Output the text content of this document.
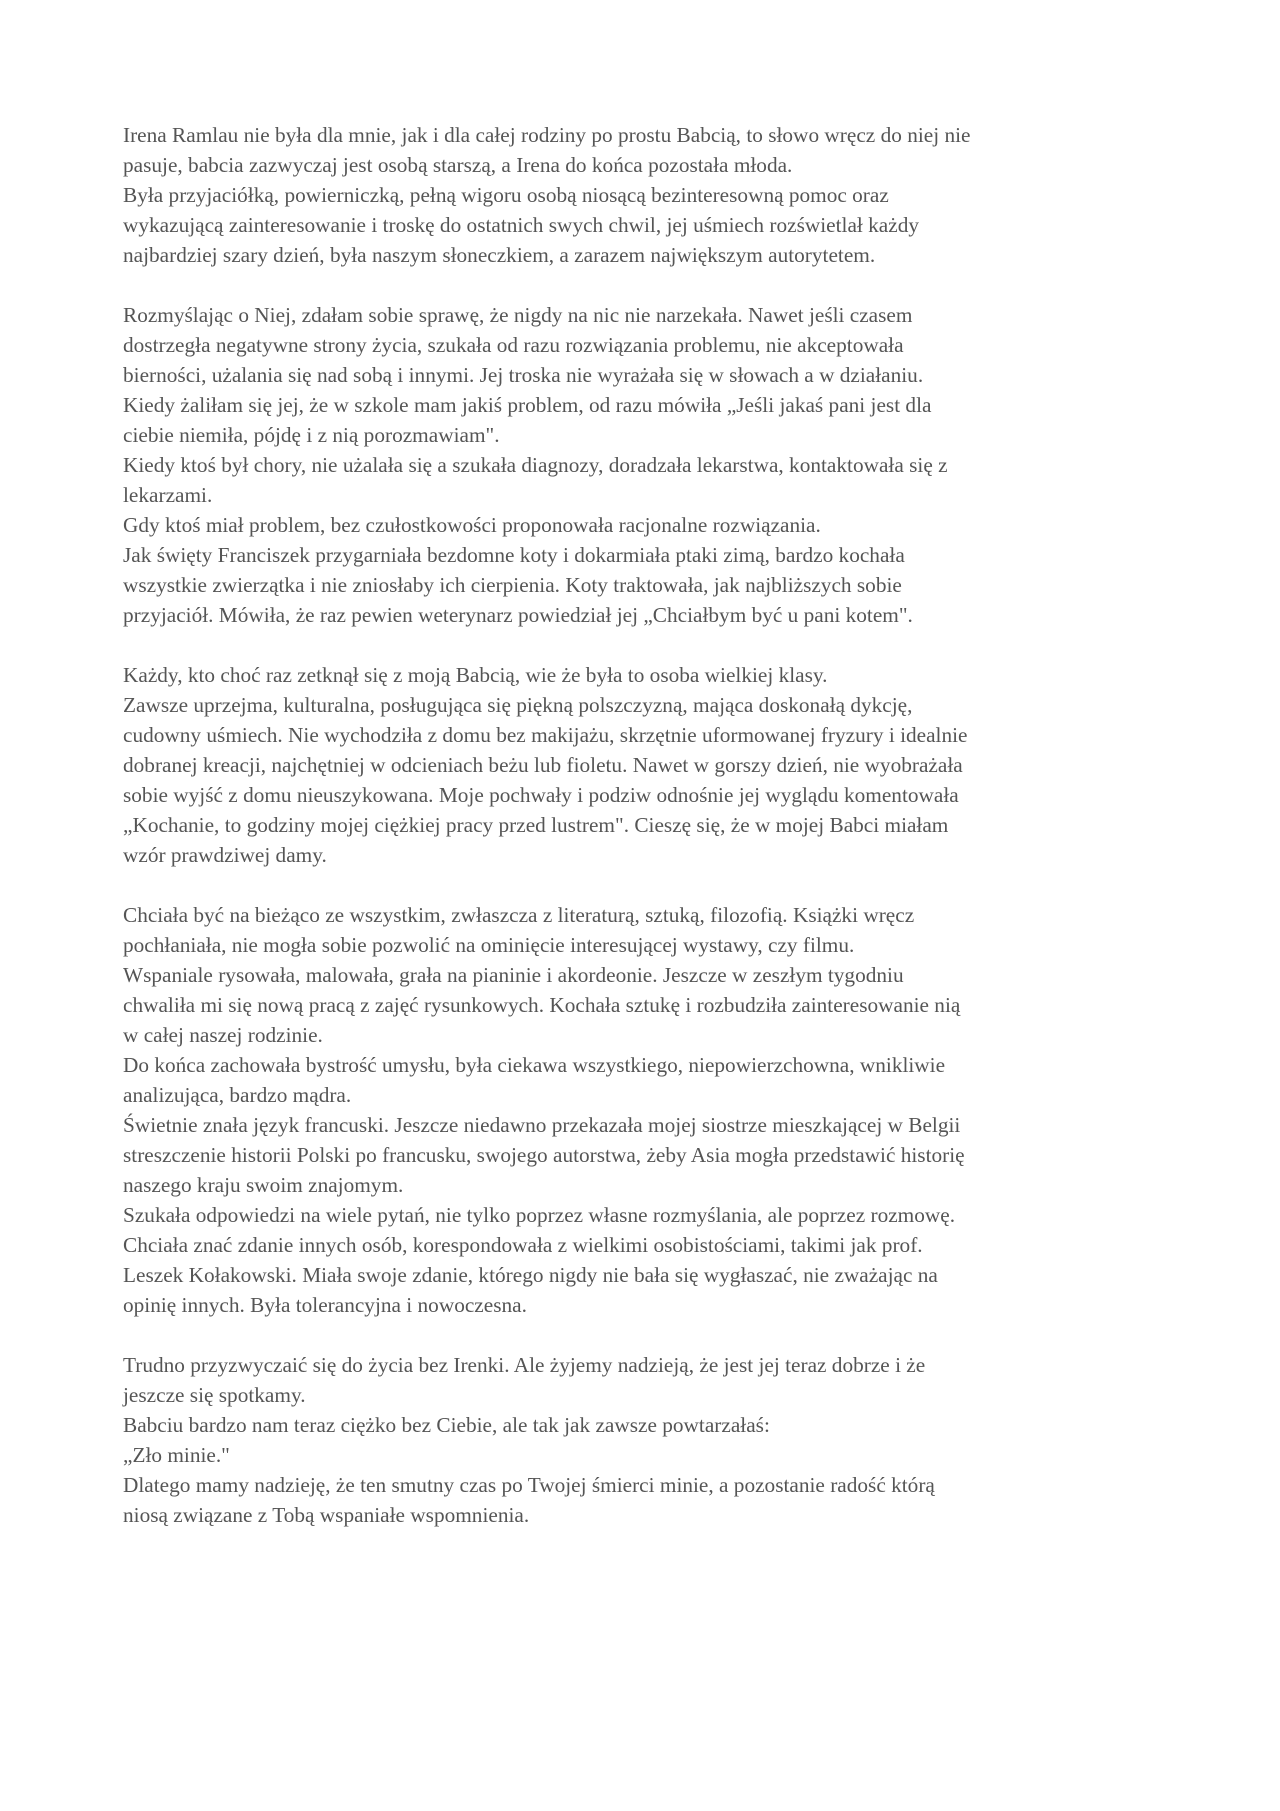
Irena Ramlau nie była dla mnie, jak i dla całej rodziny po prostu Babcią, to słowo wręcz do niej nie
pasuje, babcia zazwyczaj jest osobą starszą, a Irena do końca pozostała młoda.
Była przyjaciółką, powierniczką, pełną wigoru osobą niosącą bezinteresowną pomoc oraz
wykazującą zainteresowanie i troskę do ostatnich swych chwil, jej uśmiech rozświetlał każdy
najbardziej szary dzień, była naszym słoneczkiem, a zarazem największym autorytetem.
Rozmyślając o Niej, zdałam sobie sprawę, że nigdy na nic nie narzekała. Nawet jeśli czasem
dostrzegła negatywne strony życia, szukała od razu rozwiązania problemu, nie akceptowała
bierności, użalania się nad sobą i innymi. Jej troska nie wyrażała się w słowach a w działaniu.
Kiedy żaliłam się jej, że w szkole mam jakiś problem, od razu mówiła „Jeśli jakaś pani jest dla
ciebie niemiła, pójdę i z nią porozmawiam".
Kiedy ktoś był chory, nie użalała się a szukała diagnozy, doradzała lekarstwa, kontaktowała się z
lekarzami.
Gdy ktoś miał problem, bez czułostkowości proponowała racjonalne rozwiązania.
Jak święty Franciszek przygarniała bezdomne koty i dokarmiała ptaki zimą, bardzo kochała
wszystkie zwierzątka i nie zniosłaby ich cierpienia. Koty traktowała, jak najbliższych sobie
przyjaciół. Mówiła, że raz pewien weterynarz powiedział jej „Chciałbym być u pani kotem".
Każdy, kto choć raz zetknął się z moją Babcią, wie że była to osoba wielkiej klasy.
Zawsze uprzejma, kulturalna, posługująca się piękną polszczyzną, mająca doskonałą dykcję,
cudowny uśmiech. Nie wychodziła z domu bez makijażu, skrzętnie uformowanej fryzury i idealnie
dobranej kreacji, najchętniej w odcieniach beżu lub fioletu. Nawet w gorszy dzień, nie wyobrażała
sobie wyjść z domu nieuszykowana. Moje pochwały i podziw odnośnie jej wyglądu komentowała
„Kochanie, to godziny mojej ciężkiej pracy przed lustrem". Cieszę się, że w mojej Babci miałam
wzór prawdziwej damy.
Chciała być na bieżąco ze wszystkim, zwłaszcza z literaturą, sztuką, filozofią. Książki wręcz
pochłaniała, nie mogła sobie pozwolić na ominięcie interesującej wystawy, czy filmu.
Wspaniale rysowała, malowała, grała na pianinie i akordeonie. Jeszcze w zeszłym tygodniu
chwaliła mi się nową pracą z zajęć rysunkowych. Kochała sztukę i rozbudziła zainteresowanie nią
w całej naszej rodzinie.
Do końca zachowała bystrość umysłu, była ciekawa wszystkiego, niepowierzchowna, wnikliwie
analizująca, bardzo mądra.
Świetnie znała język francuski. Jeszcze niedawno przekazała mojej siostrze mieszkającej w Belgii
streszczenie historii Polski po francusku, swojego autorstwa, żeby Asia mogła przedstawić historię
naszego kraju swoim znajomym.
Szukała odpowiedzi na wiele pytań, nie tylko poprzez własne rozmyślania, ale poprzez rozmowę.
Chciała znać zdanie innych osób, korespondowała z wielkimi osobistościami, takimi jak prof.
Leszek Kołakowski. Miała swoje zdanie, którego nigdy nie bała się wygłaszać, nie zważając na
opinię innych. Była tolerancyjna i nowoczesna.
Trudno przyzwyczaić się do życia bez Irenki. Ale żyjemy nadzieją, że jest jej teraz dobrze i że
jeszcze się spotkamy.
Babciu bardzo nam teraz ciężko bez Ciebie, ale tak jak zawsze powtarzałaś:
„Zło minie."
Dlatego mamy nadzieję, że ten smutny czas po Twojej śmierci minie, a pozostanie radość którą
niosą związane z Tobą wspaniałe wspomnienia.
